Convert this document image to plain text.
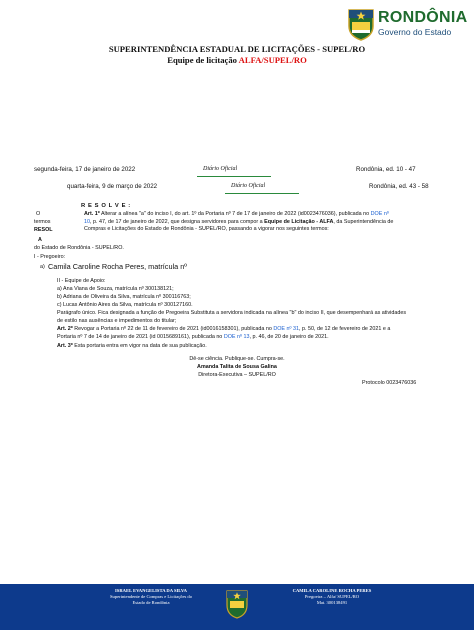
RONDÔNIA
Governo do Estado
SUPERINTENDÊNCIA ESTADUAL DE LICITAÇÕES - SUPEL/RO
Equipe de licitação ALFA/SUPEL/RO
segunda-feira, 17 de janeiro de 2022	Diário Oficial	Rondônia, ed. 10 - 47
quarta-feira, 9 de março de 2022	Diário Oficial	Rondônia, ed. 43 - 58
R E S O L V E :
O
termos
RESOL
A
Art. 1º Alterar a alínea "a" do inciso I, do art. 1º da Portaria nº 7 de 17 de janeiro de 2022 (id0023476036), publicada no DOE nº
10, p. 47, de 17 de janeiro de 2022, que designa servidores para compor a Equipe de Licitação - ALFA, da Superintendência de
Compras e Licitações do Estado de Rondônia - SUPEL/RO, passando a vigorar nos seguintes termos:
do Estado de Rondônia - SUPEL/RO.
I - Pregoeiro:
a) Camila Caroline Rocha Peres, matrícula nº
II - Equipe de Apoio:
a) Ana Viana de Souza, matrícula nº 300138121;
b) Adriana de Oliveira da Silva, matrícula nº 300116763;
c) Lucas Antônio Aires da Silva, matrícula nº 300127160.
Parágrafo único. Fica designada a função de Pregoeira Substituta a servidora indicada na alínea "b" do inciso II, que desempenhará as atividades
de estilo nas ausências e impedimentos do titular;
Art. 2º Revogar a Portaria nº 22 de 11 de fevereiro de 2021 (id0016158301), publicada no DOE nº 31, p. 50, de 12 de fevereiro de 2021 e a
Portaria nº 7 de 14 de janeiro de 2021 (id 0015689161), publicada no DOE nº 13, p. 46, de 20 de janeiro de 2021.
Art. 3º Esta portaria entra em vigor na data de sua publicação.
Dê-se ciência. Publique-se. Cumpra-se.
Amanda Talita de Sousa Galina
Diretora-Executiva – SUPEL/RO
Protocolo 0023476036
ISRAEL EVANGELISTA DA SILVA
Superintendente de Compras e Licitações do
Estado de Rondônia
CAMILA CAROLINE ROCHA PERES
Pregoeira – Alfa/ SUPEL/RO
Mat. 300138491
